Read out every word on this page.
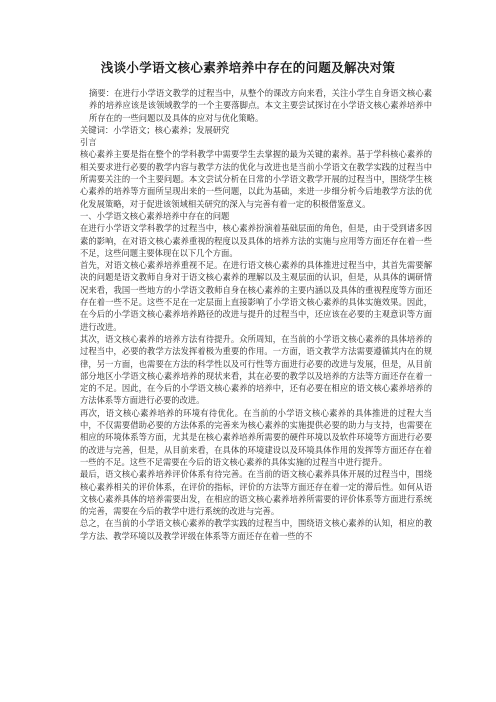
浅谈小学语文核心素养培养中存在的问题及解决对策

摘要：在进行小学语文教学的过程当中，从整个的课改方向来看，关注小学生自身语文核心素养的培养应该是该领域教学的一个主要落脚点。本文主要尝试探讨在小学语文核心素养培养中所存在的一些问题以及具体的应对与优化策略。

关键词：小学语文；核心素养；发展研究

引言

核心素养主要是指在整个的学科教学中需要学生去掌握的最为关键的素养。基于学科核心素养的相关要求进行必要的教学内容与教学方法的优化与改进也是当前小学语文在教学实践的过程当中所需要关注的一个主要问题。本文尝试分析在日常的小学语文教学开展的过程当中，围绕学生核心素养的培养等方面所呈现出来的一些问题，以此为基础，来进一步细分析今后地教学方法的优化发展策略，对于促进该领域相关研究的深入与完善有着一定的积极借鉴意义。

一、小学语文核心素养培养中存在的问题

在进行小学语文学科教学的过程当中，核心素养扮演着基础层面的角色，但是，由于受到诸多因素的影响，在对语文核心素养重视的程度以及具体的培养方法的实施与应用等方面还存在着一些不足，这些问题主要体现在以下几个方面。

首先，对语文核心素养培养重视不足。在进行语文核心素养的具体推进过程当中，其首先需要解决的问题是语文教师自身对于语文核心素养的理解以及主观层面的认识，但是，从具体的调研情况来看，我国一些地方的小学语文教师自身在核心素养的主要内涵以及具体的重视程度等方面还存在着一些不足。这些不足在一定层面上直接影响了小学语文核心素养的具体实施效果。因此，在今后的小学语文核心素养培养路径的改进与提升的过程当中，还应该在必要的主观意识等方面进行改进。

其次，语文核心素养的培养方法有待提升。众所周知，在当前的小学语文核心素养的具体培养的过程当中，必要的教学方法发挥着极为重要的作用。一方面，语文教学方法需要遵循其内在的规律，另一方面，也需要在方法的科学性以及可行性等方面进行必要的改进与发展，但是，从目前部分地区小学语文核心素养培养的现状来看，其在必要的教学以及培养的方法等方面还存在着一定的不足。因此，在今后的小学语文核心素养的培养中，还有必要在相应的语文核心素养培养的方法体系等方面进行必要的改进。

再次，语文核心素养培养的环境有待优化。在当前的小学语文核心素养的具体推进的过程大当中，不仅需要借助必要的方法体系的完善来为核心素养的实施提供必要的助力与支持，也需要在相应的环境体系等方面，尤其是在核心素养培养所需要的硬件环境以及软件环境等方面进行必要的改进与完善，但是，从目前来看，在具体的环境建设以及环境具体作用的发挥等方面还存在着一些的不足。这些不足需要在今后的语文核心素养的具体实施的过程当中进行提升。

最后，语文核心素养培养评价体系有待完善。在当前的语文核心素养具体开展的过程当中，围绕核心素养相关的评价体系，在评价的指标，评价的方法等方面还存在着一定的滞后性。如何从语文核心素养具体的培养需要出发，在相应的语文核心素养培养所需要的评价体系等方面进行系统的完善，需要在今后的教学中进行系统的改进与完善。

总之，在当前的小学语文核心素养的教学实践的过程当中，围绕语文核心素养的认知，相应的教学方法、教学环境以及教学评级在体系等方面还存在着一些的不
